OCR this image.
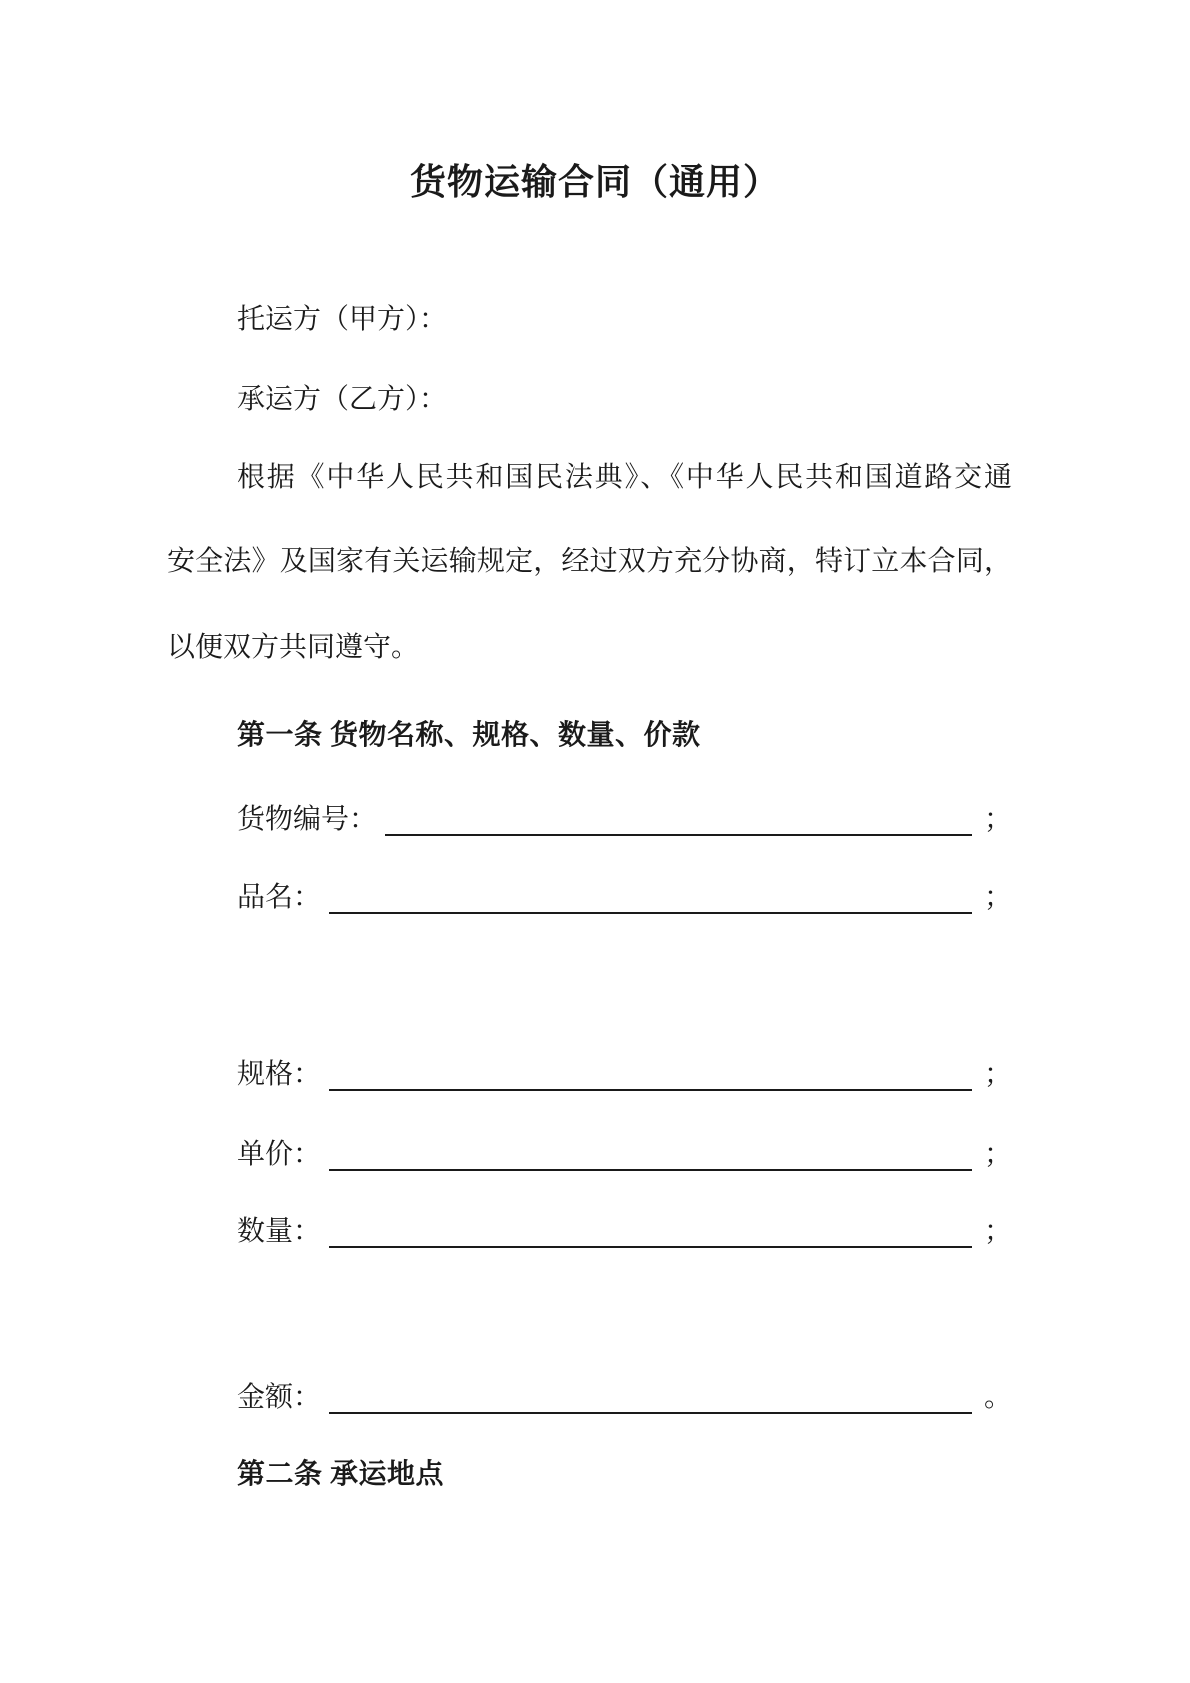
货物运输合同（通用）
托运方（甲方）：
承运方（乙方）：
根据《中华人民共和国民法典》、《中华人民共和国道路交通
安全法》及国家有关运输规定，经过双方充分协商，特订立本合同，
以便双方共同遵守。
第一条 货物名称、规格、数量、价款
货物编号：	；
品名：	；
规格：	；
单价：	；
数量：	；
金额：	。
第二条 承运地点
